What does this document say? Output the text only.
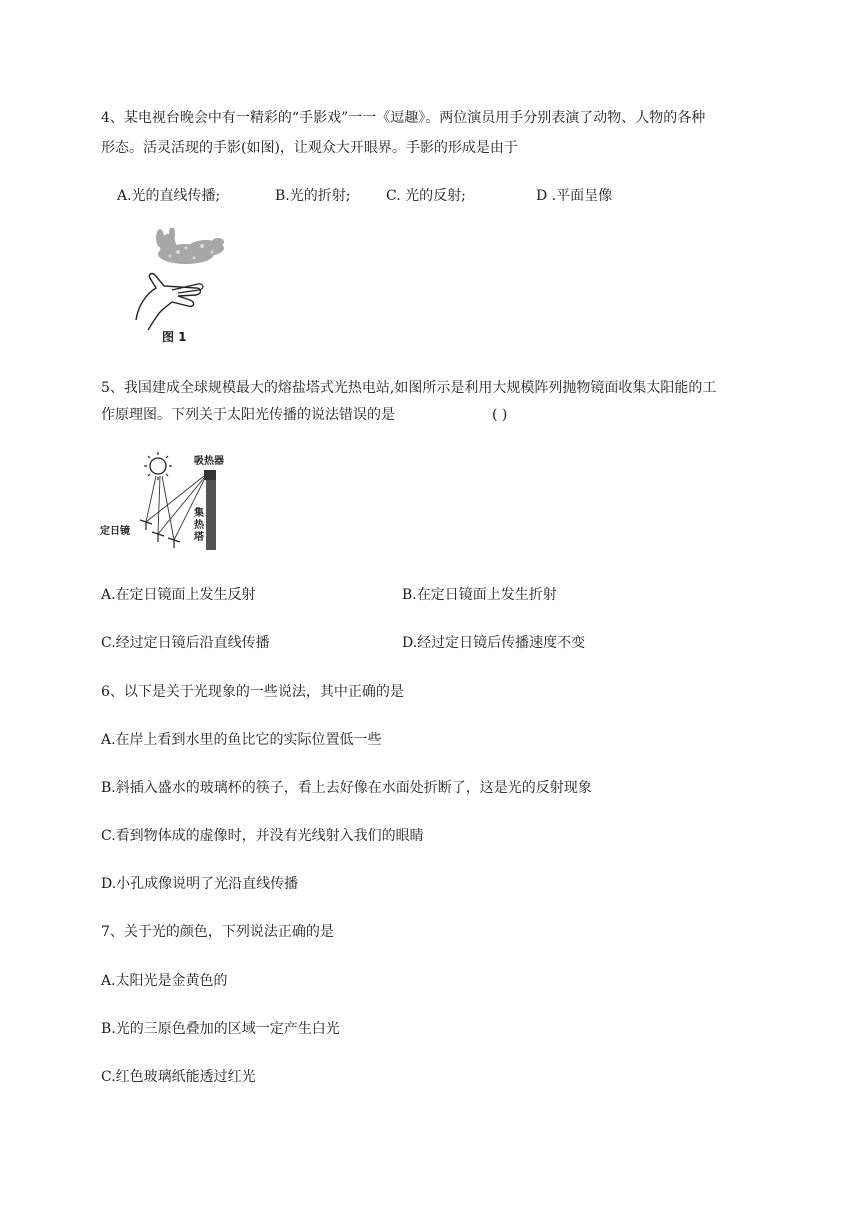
4、某电视台晚会中有一精彩的“手影戏”一一《逗趣》。两位演员用手分别表演了动物、人物的各种
形态。活灵活现的手影(如图)，让观众大开眼界。手影的形成是由于
A.光的直线传播;	B.光的折射;	C. 光的反射;	D .平面呈像
图 1
5、我国建成全球规模最大的熔盐塔式光热电站,如图所示是利用大规模阵列抛物镜面收集太阳能的工
作原理图。下列关于太阳光传播的说法错误的是	( )
吸热器
定日镜
集
热
塔
A.在定日镜面上发生反射	B.在定日镜面上发生折射
C.经过定日镜后沿直线传播	D.经过定日镜后传播速度不变
6、以下是关于光现象的一些说法，其中正确的是
A.在岸上看到水里的鱼比它的实际位置低一些
B.斜插入盛水的玻璃杯的筷子，看上去好像在水面处折断了，这是光的反射现象
C.看到物体成的虚像时，并没有光线射入我们的眼睛
D.小孔成像说明了光沿直线传播
7、关于光的颜色，下列说法正确的是
A.太阳光是金黄色的
B.光的三原色叠加的区域一定产生白光
C.红色玻璃纸能透过红光
